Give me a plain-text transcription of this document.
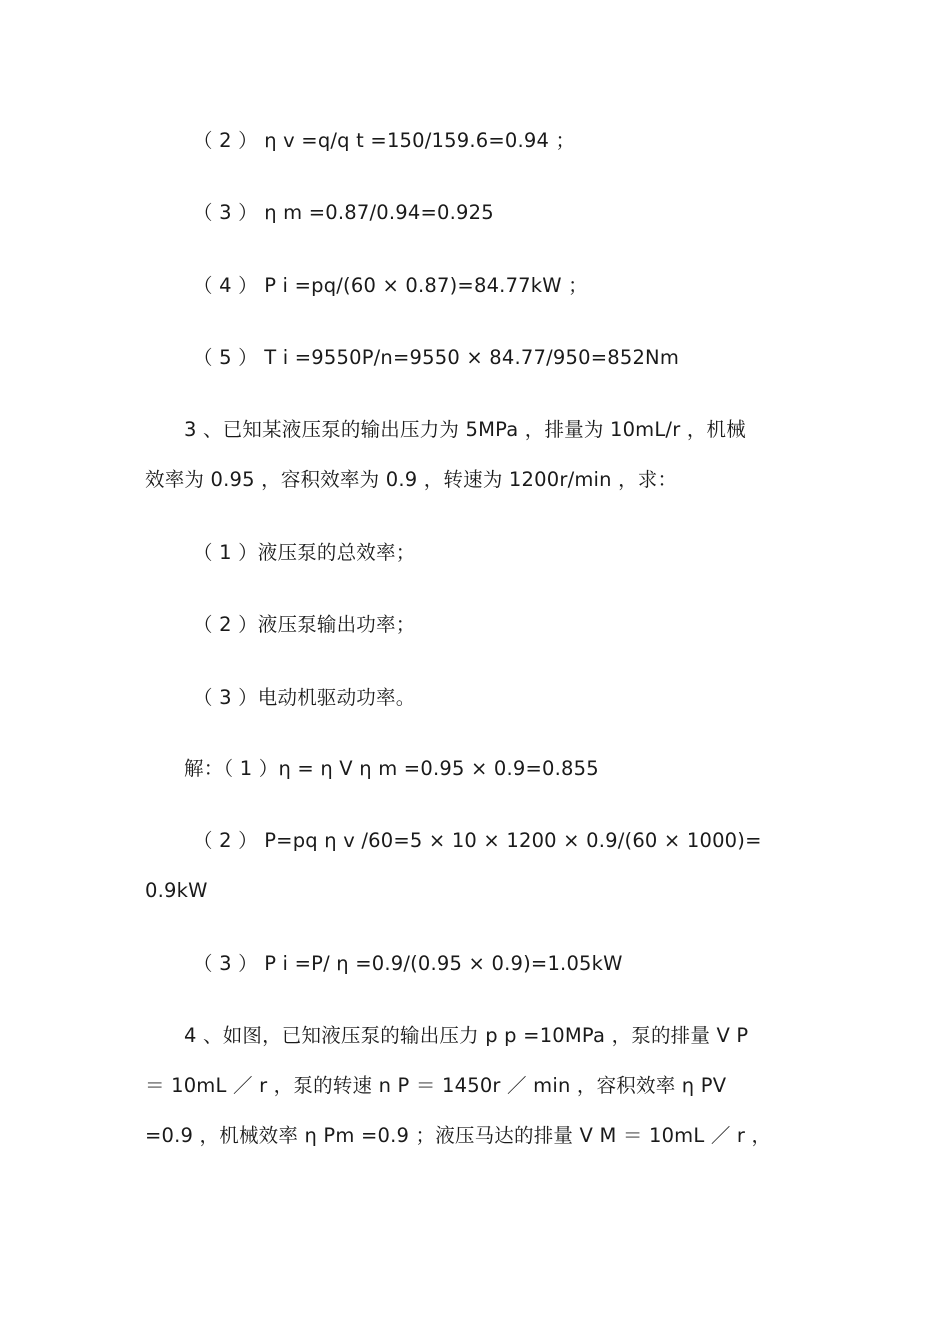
（ 2 ） η v =q/q t =150/159.6=0.94 ；
（ 3 ） η m =0.87/0.94=0.925
（ 4 ） P i =pq/(60 × 0.87)=84.77kW ；
（ 5 ） T i =9550P/n=9550 × 84.77/950=852Nm
3 、已知某液压泵的输出压力为 5MPa ，排量为 10mL/r ，机械
效率为 0.95 ，容积效率为 0.9 ，转速为 1200r/min ，求：
（ 1 ）液压泵的总效率；
（ 2 ）液压泵输出功率；
（ 3 ）电动机驱动功率。
解：（ 1 ）η = η V η m =0.95 × 0.9=0.855
（ 2 ） P=pq η v /60=5 × 10 × 1200 × 0.9/(60 × 1000)=
0.9kW
（ 3 ） P i =P/ η =0.9/(0.95 × 0.9)=1.05kW
4 、如图，已知液压泵的输出压力 p p =10MPa ，泵的排量 V P
＝ 10mL ／ r ，泵的转速 n P ＝ 1450r ／ min ，容积效率 η PV
=0.9 ，机械效率 η Pm =0.9 ；液压马达的排量 V M ＝ 10mL ／ r ，
